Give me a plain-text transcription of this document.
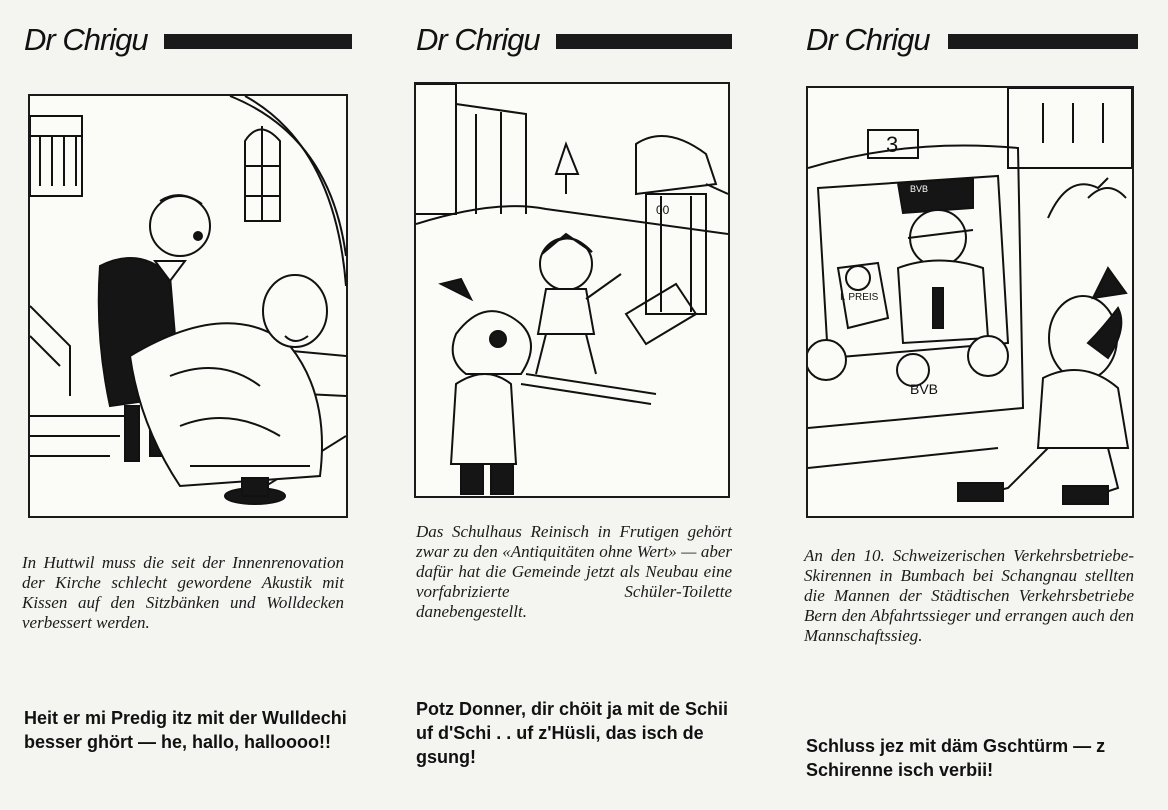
Dr Chrigu
In Huttwil muss die seit der Innenrenovation der Kirche schlecht gewordene Akustik mit Kissen auf den Sitzbänken und Wolldecken verbessert werden.
Heit er mi Predig itz mit der Wulldechi besser ghört — he, hallo, halloooo!!
Dr Chrigu
00
Das Schulhaus Reinisch in Frutigen gehört zwar zu den «Antiquitäten ohne Wert» — aber dafür hat die Gemeinde jetzt als Neubau eine vorfabrizierte Schüler-Toilette danebengestellt.
Potz Donner, dir chöit ja mit de Schii uf d'Schi . . uf z'Hüsli, das isch de gsung!
Dr Chrigu
3
BVB
I. PREIS
BVB
An den 10. Schweizerischen Verkehrsbetriebe-Skirennen in Bumbach bei Schangnau stellten die Mannen der Städtischen Verkehrsbetriebe Bern den Abfahrtssieger und errangen auch den Mannschaftssieg.
Schluss jez mit däm Gschtürm — z Schirenne isch verbii!
